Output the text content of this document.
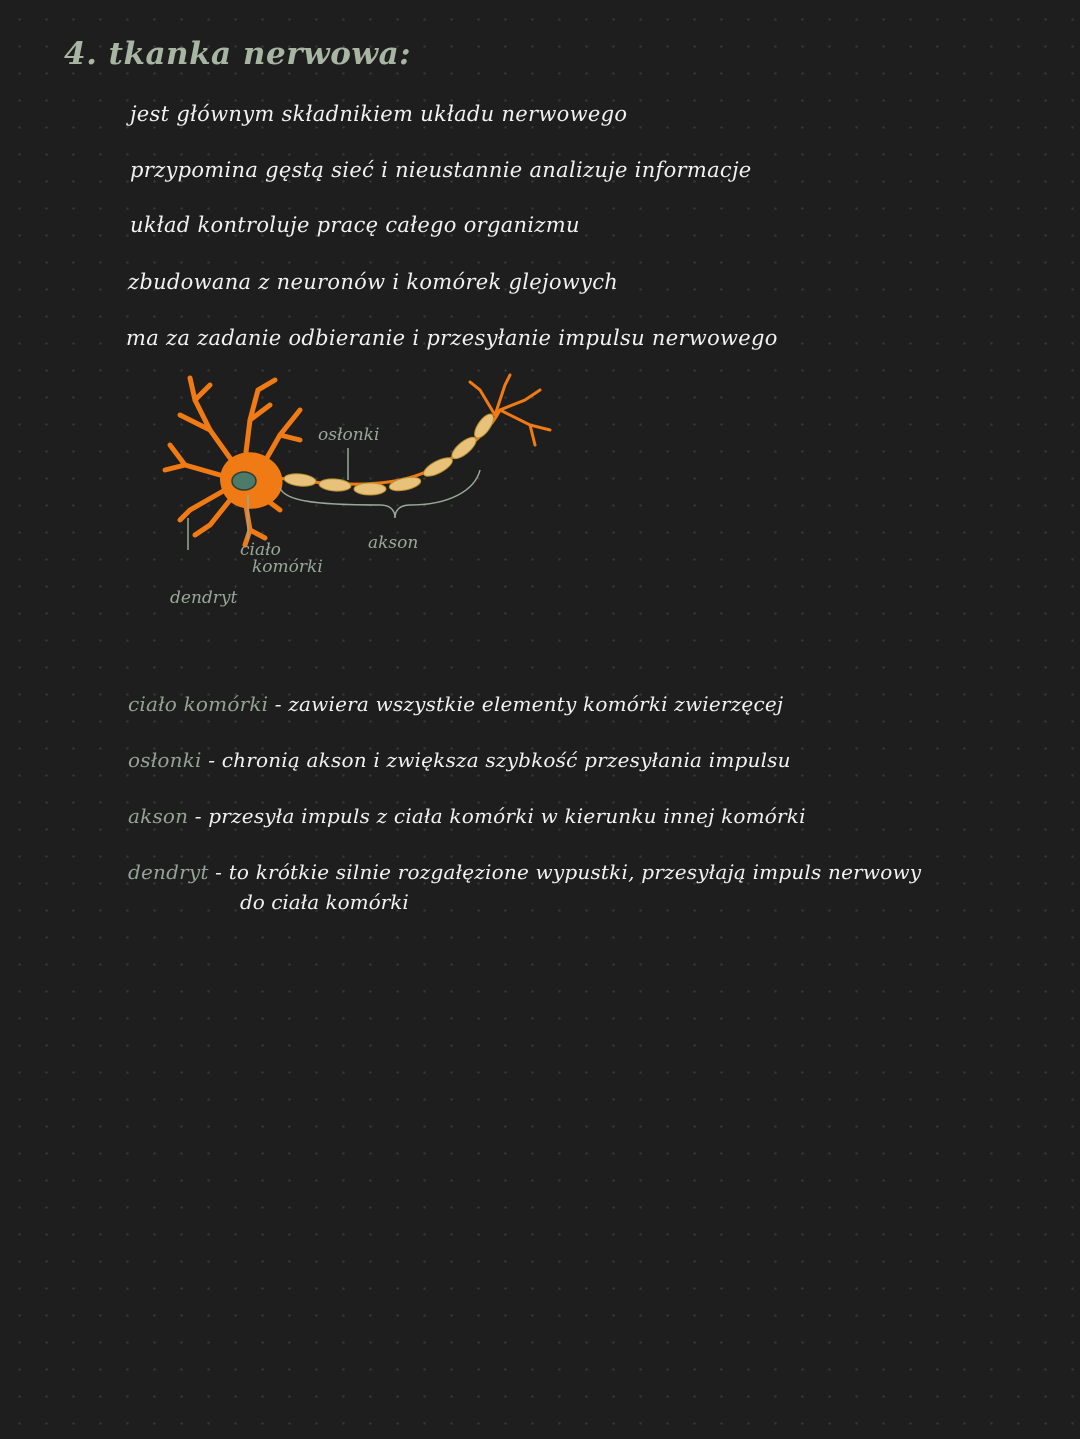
4. tkanka nerwowa:
jest głównym składnikiem układu nerwowego
przypomina gęstą sieć i nieustannie analizuje informacje
układ kontroluje pracę całego organizmu
zbudowana z neuronów i komórek glejowych
ma za zadanie odbieranie i przesyłanie impulsu nerwowego
osłonki
akson
ciało
komórki
dendryt
ciało komórki - zawiera wszystkie elementy komórki zwierzęcej
osłonki - chronią akson i zwiększa szybkość przesyłania impulsu
akson - przesyła impuls z ciała komórki w kierunku innej komórki
dendryt - to krótkie silnie rozgałęzione wypustki, przesyłają impuls nerwowy
do ciała komórki
